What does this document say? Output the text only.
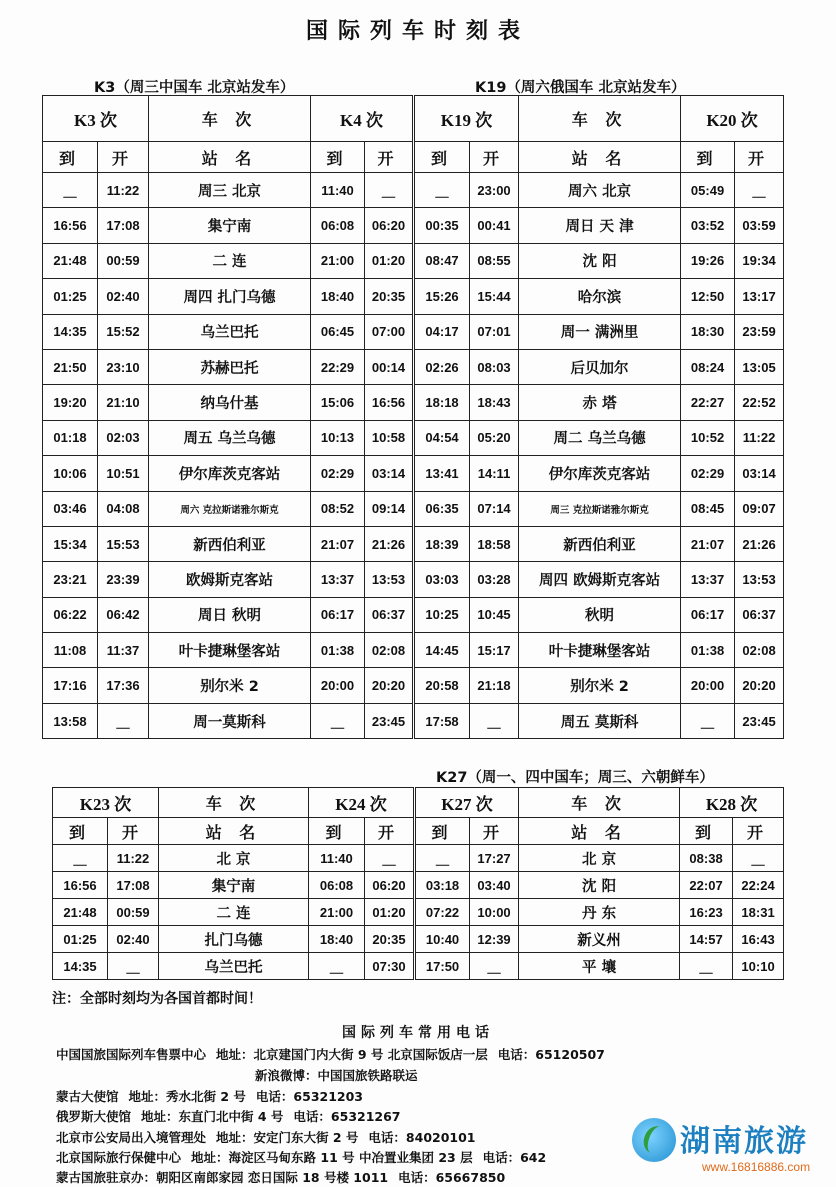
国际列车时刻表
K3（周三中国车 北京站发车）	K19（周六俄国车 北京站发车）
K3 次		车 次	K4 次		K19 次		车 次	K20 次	
到	开	站 名	到	开	到	开	站 名	到	开
＿	11:22	周三 北京	11:40	＿	＿	23:00	周六 北京	05:49	＿
16:56	17:08	集宁南	06:08	06:20	00:35	00:41	周日 天 津	03:52	03:59
21:48	00:59	二 连	21:00	01:20	08:47	08:55	沈 阳	19:26	19:34
01:25	02:40	周四 扎门乌德	18:40	20:35	15:26	15:44	哈尔滨	12:50	13:17
14:35	15:52	乌兰巴托	06:45	07:00	04:17	07:01	周一 满洲里	18:30	23:59
21:50	23:10	苏赫巴托	22:29	00:14	02:26	08:03	后贝加尔	08:24	13:05
19:20	21:10	纳乌什基	15:06	16:56	18:18	18:43	赤 塔	22:27	22:52
01:18	02:03	周五 乌兰乌德	10:13	10:58	04:54	05:20	周二 乌兰乌德	10:52	11:22
10:06	10:51	伊尔库茨克客站	02:29	03:14	13:41	14:11	伊尔库茨克客站	02:29	03:14
03:46	04:08	周六 克拉斯诺雅尔斯克	08:52	09:14	06:35	07:14	周三 克拉斯诺雅尔斯克	08:45	09:07
15:34	15:53	新西伯利亚	21:07	21:26	18:39	18:58	新西伯利亚	21:07	21:26
23:21	23:39	欧姆斯克客站	13:37	13:53	03:03	03:28	周四 欧姆斯克客站	13:37	13:53
06:22	06:42	周日 秋明	06:17	06:37	10:25	10:45	秋明	06:17	06:37
11:08	11:37	叶卡捷琳堡客站	01:38	02:08	14:45	15:17	叶卡捷琳堡客站	01:38	02:08
17:16	17:36	别尔米 2	20:00	20:20	20:58	21:18	别尔米 2	20:00	20:20
13:58	＿	周一莫斯科	＿	23:45	17:58	＿	周五 莫斯科	＿	23:45
K27（周一、四中国车；周三、六朝鲜车）
K23 次		车 次	K24 次		K27 次		车 次	K28 次	
到	开	站 名	到	开	到	开	站 名	到	开
＿	11:22	北 京	11:40	＿	＿	17:27	北 京	08:38	＿
16:56	17:08	集宁南	06:08	06:20	03:18	03:40	沈 阳	22:07	22:24
21:48	00:59	二 连	21:00	01:20	07:22	10:00	丹 东	16:23	18:31
01:25	02:40	扎门乌德	18:40	20:35	10:40	12:39	新义州	14:57	16:43
14:35	＿	乌兰巴托	＿	07:30	17:50	＿	平 壤	＿	10:10
注：全部时刻均为各国首都时间！
国际列车常用电话
中国国旅国际列车售票中心 地址：北京建国门内大街 9 号 北京国际饭店一层 电话：65120507
新浪微博：中国国旅铁路联运
蒙古大使馆 地址：秀水北街 2 号 电话：65321203
俄罗斯大使馆 地址：东直门北中街 4 号 电话：65321267
北京市公安局出入境管理处 地址：安定门东大街 2 号 电话：84020101
北京国际旅行保健中心 地址：海淀区马甸东路 11 号 中冶置业集团 23 层 电话：642
蒙古国旅驻京办：朝阳区南郎家园 恋日国际 18 号楼 1011 电话：65667850
湖南旅游
www.16816886.com
